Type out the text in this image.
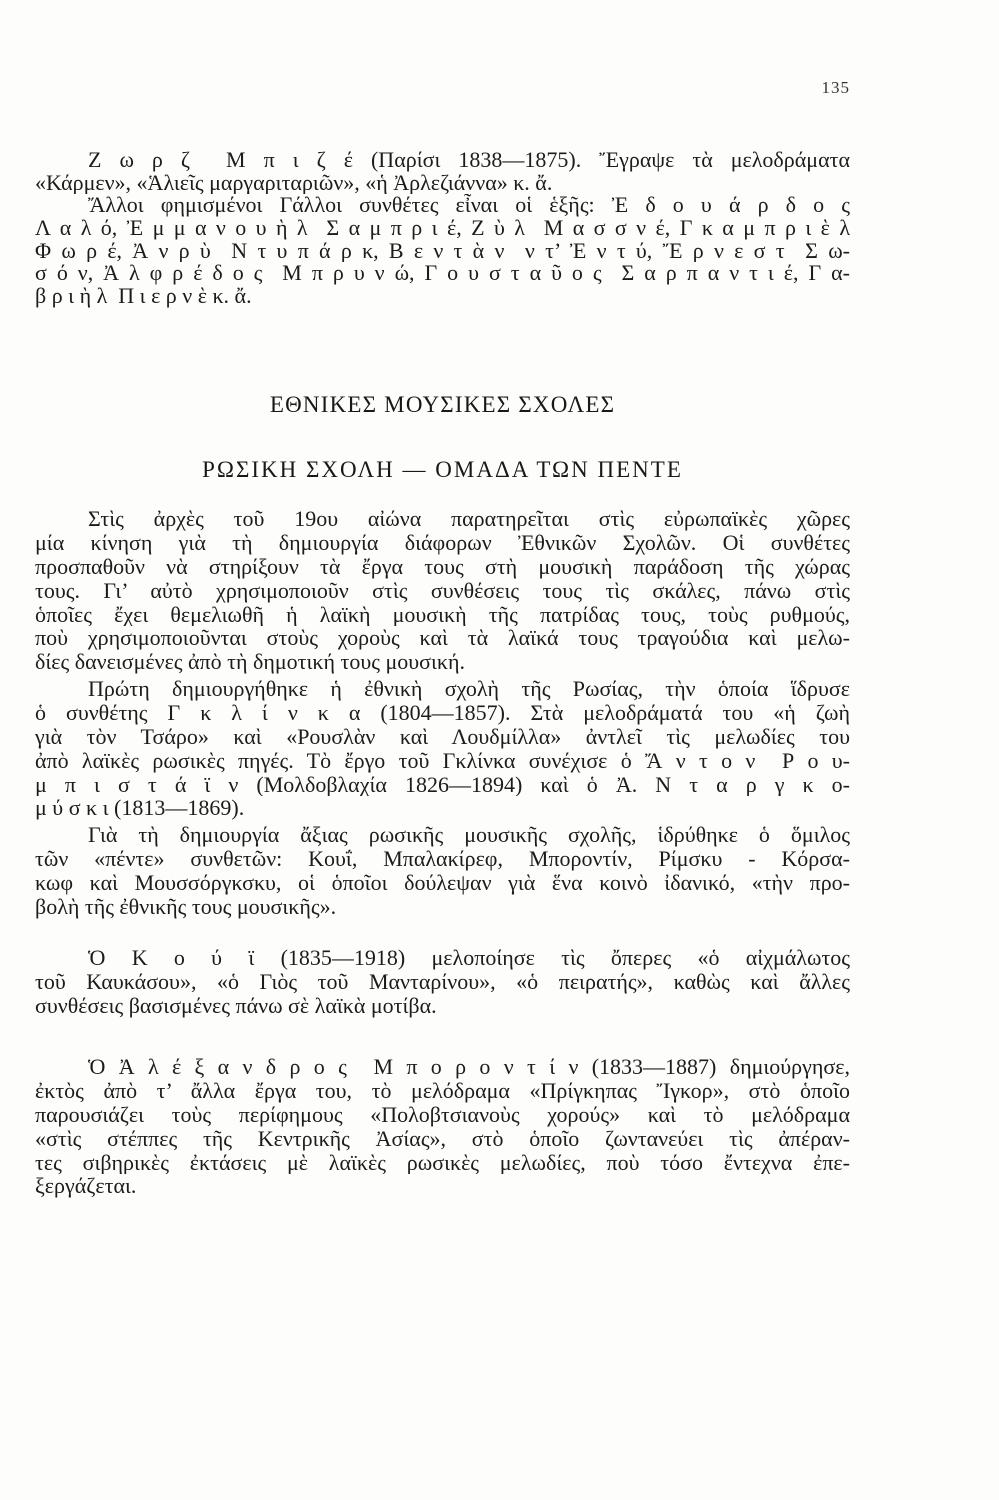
135
Ζ ω ρ ζ  Μ π ι ζ έ (Παρίσι 1838—1875). Ἔγραψε τὰ μελοδράματα
«Κάρμεν», «Ἁλιεῖς μαργαριταριῶν», «ἡ Ἀρλεζιάννα» κ. ἄ.
Ἄλλοι φημισμένοι Γάλλοι συνθέτες εἶναι οἱ ἑξῆς: Ἐ δ ο υ ά ρ δ ο ς
Λ α λ ό, Ἐ μ μ α ν ο υ ὴ λ  Σ α μ π ρ ι έ, Ζ ὺ λ  Μ α σ σ ν έ, Γ κ α μ π ρ ι ὲ λ
Φ ω ρ έ, Ἀ ν ρ ὺ  Ν τ υ π ά ρ κ, Β ε ν τ ὰ ν  ν τ’ Ἐ ν τ ύ, Ἔ ρ ν ε σ τ  Σ ω-
σ ό ν, Ἀ λ φ ρ έ δ ο ς  Μ π ρ υ ν ώ, Γ ο υ σ τ α ῦ ο ς  Σ α ρ π α ν τ ι έ, Γ α-
β ρ ι ὴ λ  Π ι ε ρ ν ὲ κ. ἄ.
ΕΘΝΙΚΕΣ ΜΟΥΣΙΚΕΣ ΣΧΟΛΕΣ
ΡΩΣΙΚΗ ΣΧΟΛΗ — ΟΜΑΔΑ ΤΩΝ ΠΕΝΤΕ
Στὶς ἀρχὲς τοῦ 19ου αἰώνα παρατηρεῖται στὶς εὐρωπαϊκὲς χῶρες
μία κίνηση γιὰ τὴ δημιουργία διάφορων Ἐθνικῶν Σχολῶν. Οἱ συνθέτες
προσπαθοῦν νὰ στηρίξουν τὰ ἔργα τους στὴ μουσικὴ παράδοση τῆς χώρας
τους. Γι’ αὐτὸ χρησιμοποιοῦν στὶς συνθέσεις τους τὶς σκάλες, πάνω στὶς
ὁποῖες ἔχει θεμελιωθῆ ἡ λαϊκὴ μουσικὴ τῆς πατρίδας τους, τοὺς ρυθμούς,
ποὺ χρησιμοποιοῦνται στοὺς χοροὺς καὶ τὰ λαϊκά τους τραγούδια καὶ μελω-
δίες δανεισμένες ἀπὸ τὴ δημοτική τους μουσική.
Πρώτη δημιουργήθηκε ἡ ἐθνικὴ σχολὴ τῆς Ρωσίας, τὴν ὁποία ἵδρυσε
ὁ συνθέτης Γ κ λ ί ν κ α (1804—1857). Στὰ μελοδράματά του «ἡ ζωὴ
γιὰ τὸν Τσάρο» καὶ «Ρουσλὰν καὶ Λουδμίλλα» ἀντλεῖ τὶς μελωδίες του
ἀπὸ λαϊκὲς ρωσικὲς πηγές. Τὸ ἔργο τοῦ Γκλίνκα συνέχισε ὁ Ἄ ν τ ο ν  Ρ ο υ-
μ π ι σ τ ά ϊ ν (Μολδοβλαχία 1826—1894) καὶ ὁ Ἀ. Ν τ α ρ γ κ ο-
μ ύ σ κ ι (1813—1869).
Γιὰ τὴ δημιουργία ἄξιας ρωσικῆς μουσικῆς σχολῆς, ἱδρύθηκε ὁ ὅμιλος
τῶν «πέντε» συνθετῶν: Κουΐ, Μπαλακίρεφ, Μποροντίν, Ρίμσκυ - Κόρσα-
κωφ καὶ Μουσσόργκσκυ, οἱ ὁποῖοι δούλεψαν γιὰ ἕνα κοινὸ ἰδανικό, «τὴν προ-
βολὴ τῆς ἐθνικῆς τους μουσικῆς».
Ὁ Κ ο ύ ϊ (1835—1918) μελοποίησε τὶς ὄπερες «ὁ αἰχμάλωτος
τοῦ Καυκάσου», «ὁ Γιὸς τοῦ Μανταρίνου», «ὁ πειρατής», καθὼς καὶ ἄλλες
συνθέσεις βασισμένες πάνω σὲ λαϊκὰ μοτίβα.
Ὁ Ἀ λ έ ξ α ν δ ρ ο ς  Μ π ο ρ ο ν τ ί ν (1833—1887) δημιούργησε,
ἐκτὸς ἀπὸ τ’ ἄλλα ἔργα του, τὸ μελόδραμα «Πρίγκηπας Ἴγκορ», στὸ ὁποῖο
παρουσιάζει τοὺς περίφημους «Πολοβτσιανοὺς χορούς» καὶ τὸ μελόδραμα
«στὶς στέππες τῆς Κεντρικῆς Ἀσίας», στὸ ὁποῖο ζωντανεύει τὶς ἀπέραν-
τες σιβηρικὲς ἐκτάσεις μὲ λαϊκὲς ρωσικὲς μελωδίες, ποὺ τόσο ἔντεχνα ἐπε-
ξεργάζεται.
